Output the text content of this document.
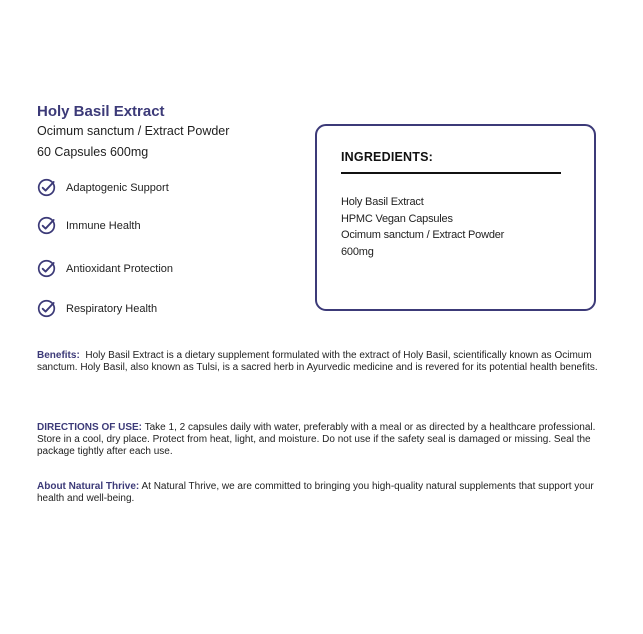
Holy Basil Extract

Ocimum sanctum / Extract Powder

60 Capsules 600mg

Adaptogenic Support
Immune Health
Antioxidant Protection
Respiratory Health
INGREDIENTS:
Holy Basil Extract
HPMC Vegan Capsules
Ocimum sanctum / Extract Powder
600mg

Benefits: Holy Basil Extract is a dietary supplement formulated with the extract of Holy Basil, scientifically known as Ocimum sanctum. Holy Basil, also known as Tulsi, is a sacred herb in Ayurvedic medicine and is revered for its potential health benefits.

DIRECTIONS OF USE: Take 1, 2 capsules daily with water, preferably with a meal or as directed by a healthcare professional. Store in a cool, dry place. Protect from heat, light, and moisture. Do not use if the safety seal is damaged or missing. Seal the package tightly after each use.

About Natural Thrive: At Natural Thrive, we are committed to bringing you high-quality natural supplements that support your health and well-being.
